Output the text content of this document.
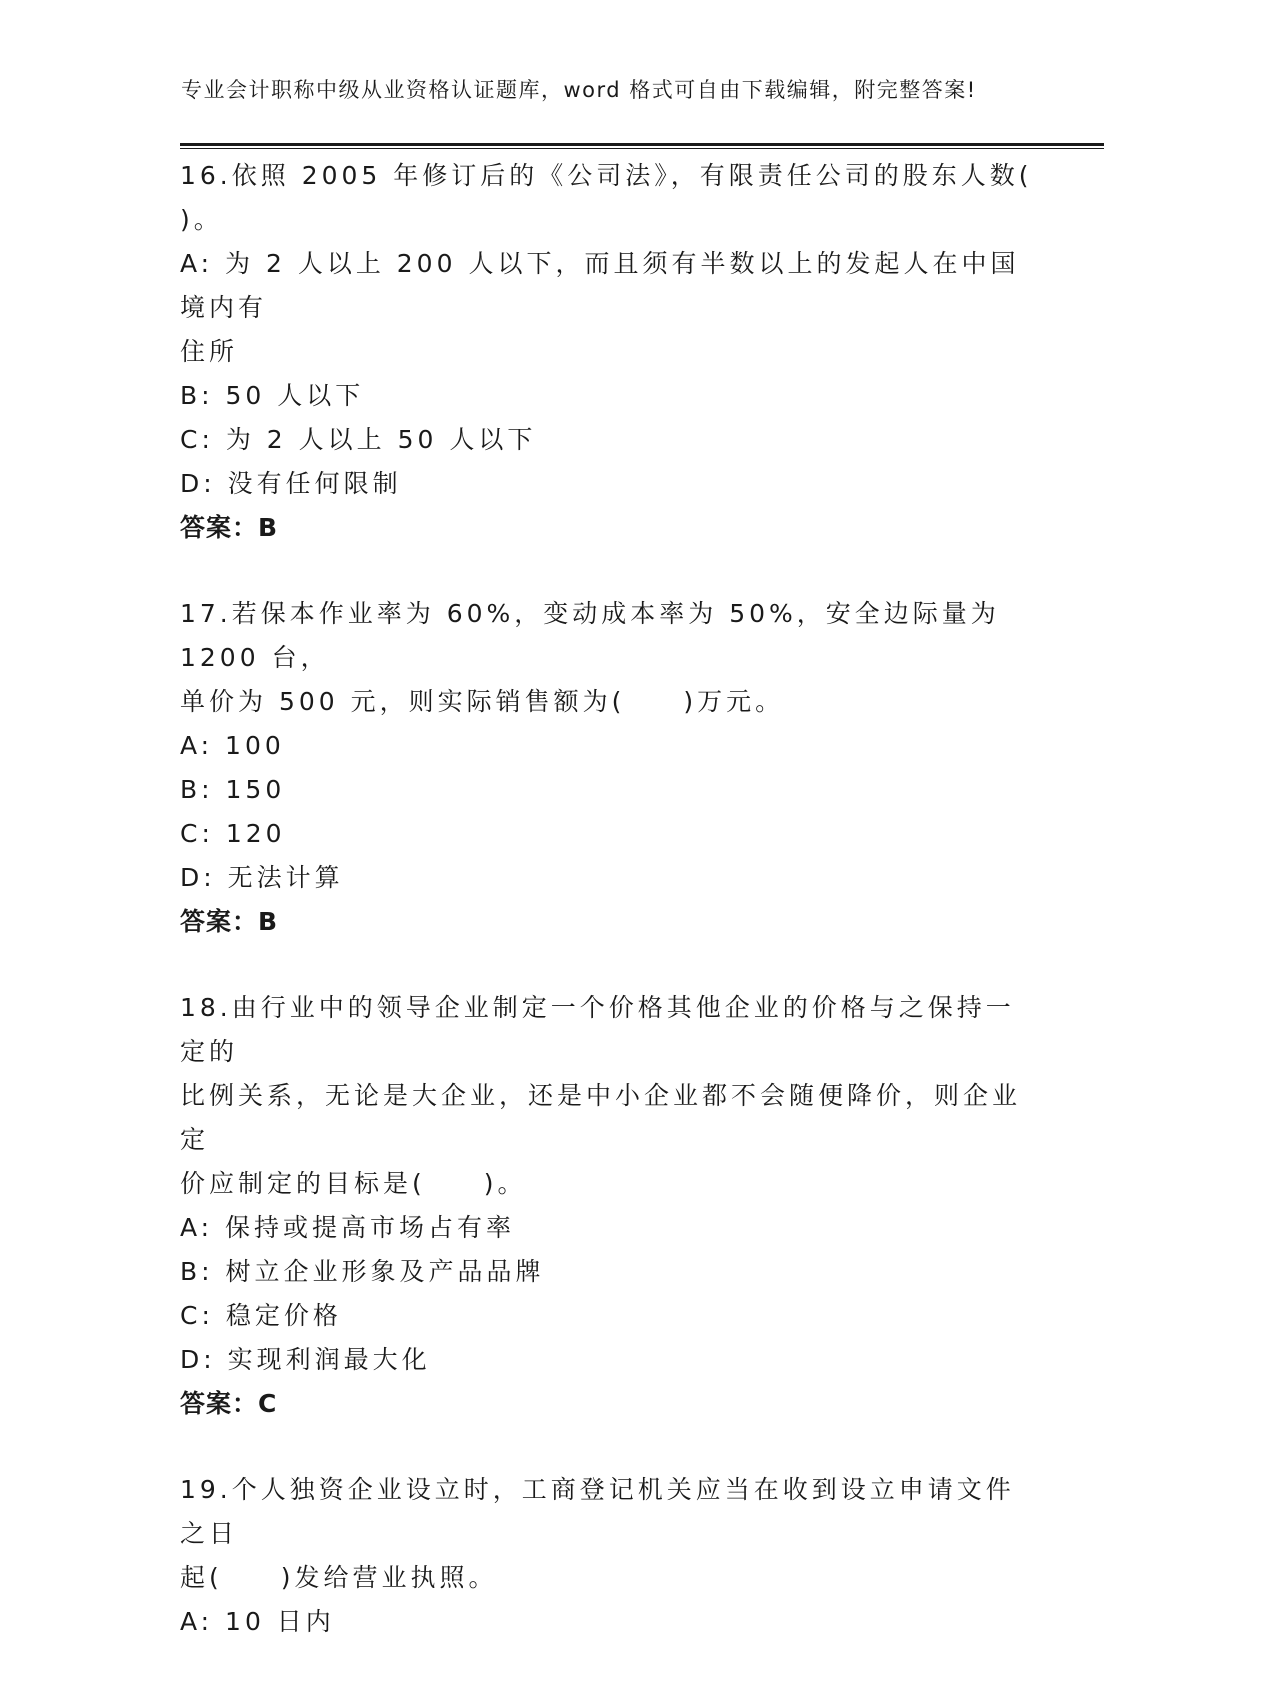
专业会计职称中级从业资格认证题库，word 格式可自由下载编辑，附完整答案!
16.依照 2005 年修订后的《公司法》，有限责任公司的股东人数(
)。
A: 为 2 人以上 200 人以下，而且须有半数以上的发起人在中国境内有
住所
B: 50 人以下
C: 为 2 人以上 50 人以下
D: 没有任何限制
答案：B
17.若保本作业率为 60%，变动成本率为 50%，安全边际量为 1200 台，
单价为 500 元，则实际销售额为(　　)万元。
A: 100
B: 150
C: 120
D: 无法计算
答案：B
18.由行业中的领导企业制定一个价格其他企业的价格与之保持一定的
比例关系，无论是大企业，还是中小企业都不会随便降价，则企业定
价应制定的目标是(　　)。
A: 保持或提高市场占有率
B: 树立企业形象及产品品牌
C: 稳定价格
D: 实现利润最大化
答案：C
19.个人独资企业设立时，工商登记机关应当在收到设立申请文件之日
起(　　)发给营业执照。
A: 10 日内
